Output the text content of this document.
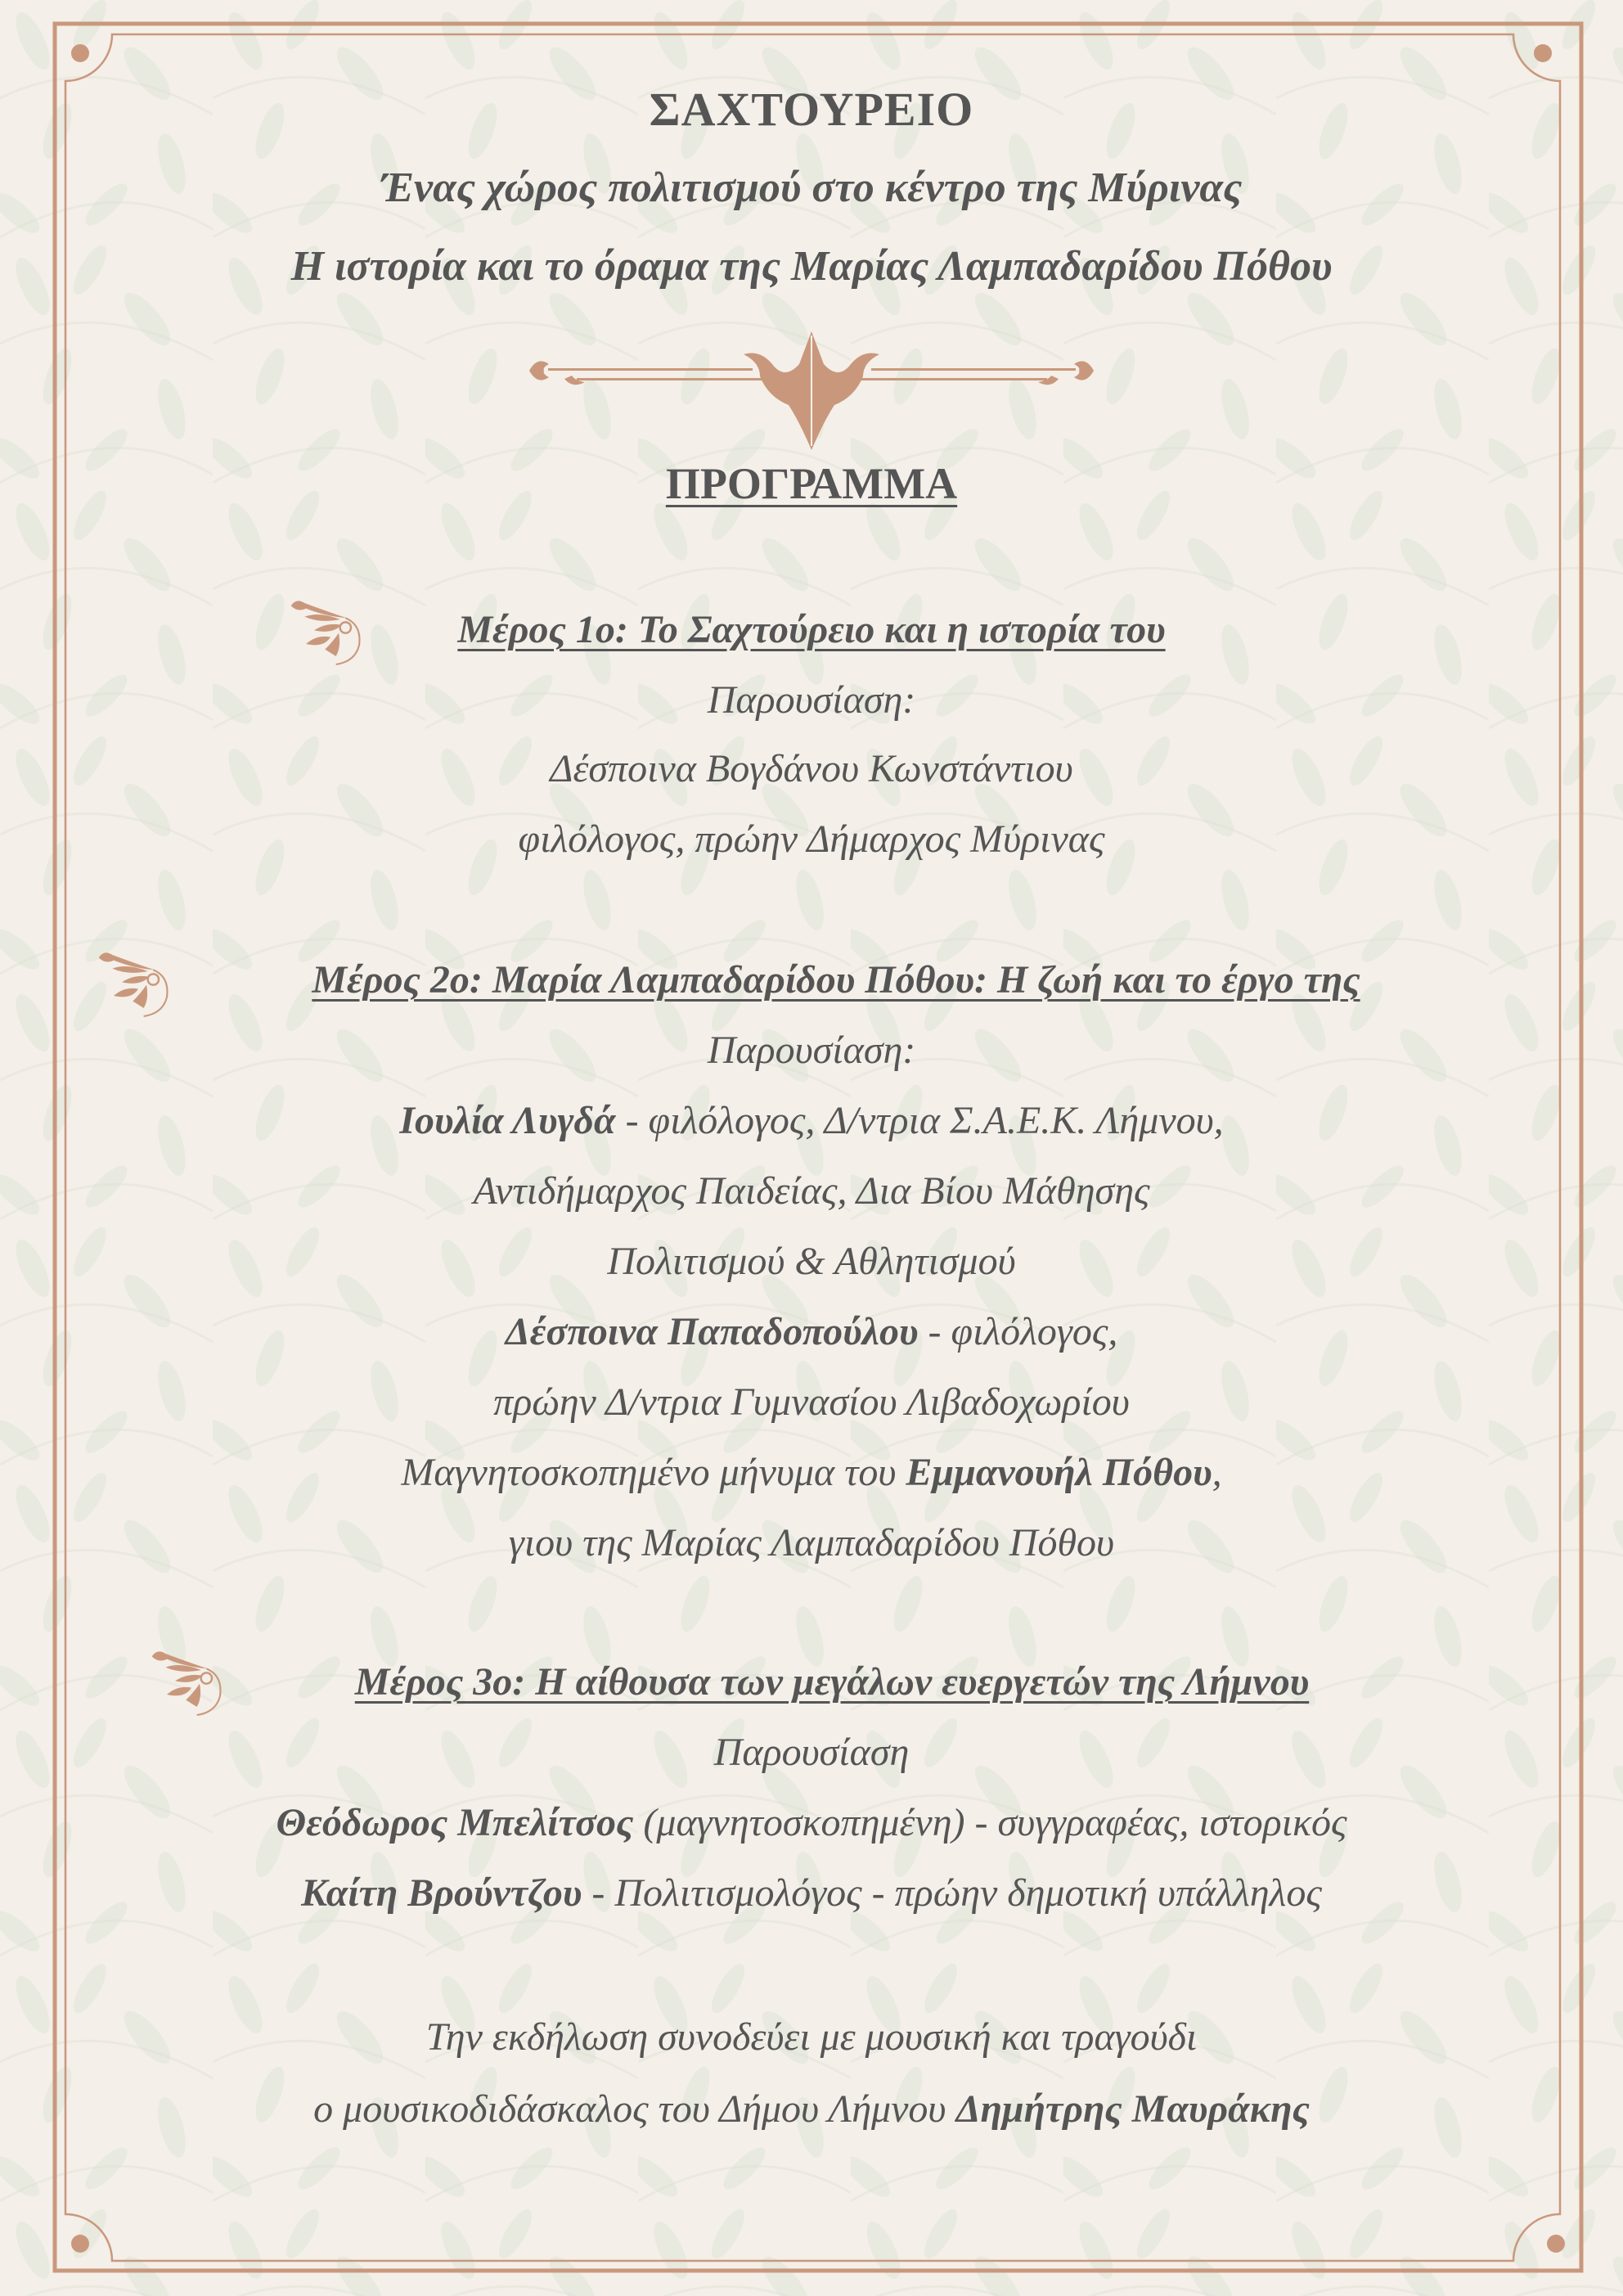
ΣΑΧΤΟΥΡΕΙΟ
Ένας χώρος πολιτισμού στο κέντρο της Μύρινας
Η ιστορία και το όραμα της Μαρίας Λαμπαδαρίδου Πόθου
ΠΡΟΓΡΑΜΜΑ
Μέρος 1ο: Το Σαχτούρειο και η ιστορία του
Παρουσίαση:
Δέσποινα Βογδάνου Κωνστάντιου
φιλόλογος, πρώην Δήμαρχος Μύρινας
Μέρος 2ο: Μαρία Λαμπαδαρίδου Πόθου: Η ζωή και το έργο της
Παρουσίαση:
Ιουλία Λυγδά - φιλόλογος, Δ/ντρια Σ.Α.Ε.Κ. Λήμνου,
Αντιδήμαρχος Παιδείας, Δια Βίου Μάθησης
Πολιτισμού & Αθλητισμού
Δέσποινα Παπαδοπούλου - φιλόλογος,
πρώην Δ/ντρια Γυμνασίου Λιβαδοχωρίου
Μαγνητοσκοπημένο μήνυμα του Εμμανουήλ Πόθου,
γιου της Μαρίας Λαμπαδαρίδου Πόθου
Μέρος 3ο: Η αίθουσα των μεγάλων ευεργετών της Λήμνου
Παρουσίαση
Θεόδωρος Μπελίτσος (μαγνητοσκοπημένη) - συγγραφέας, ιστορικός
Καίτη Βρούντζου - Πολιτισμολόγος - πρώην δημοτική υπάλληλος
Την εκδήλωση συνοδεύει με μουσική και τραγούδι
ο μουσικοδιδάσκαλος του Δήμου Λήμνου Δημήτρης Μαυράκης
